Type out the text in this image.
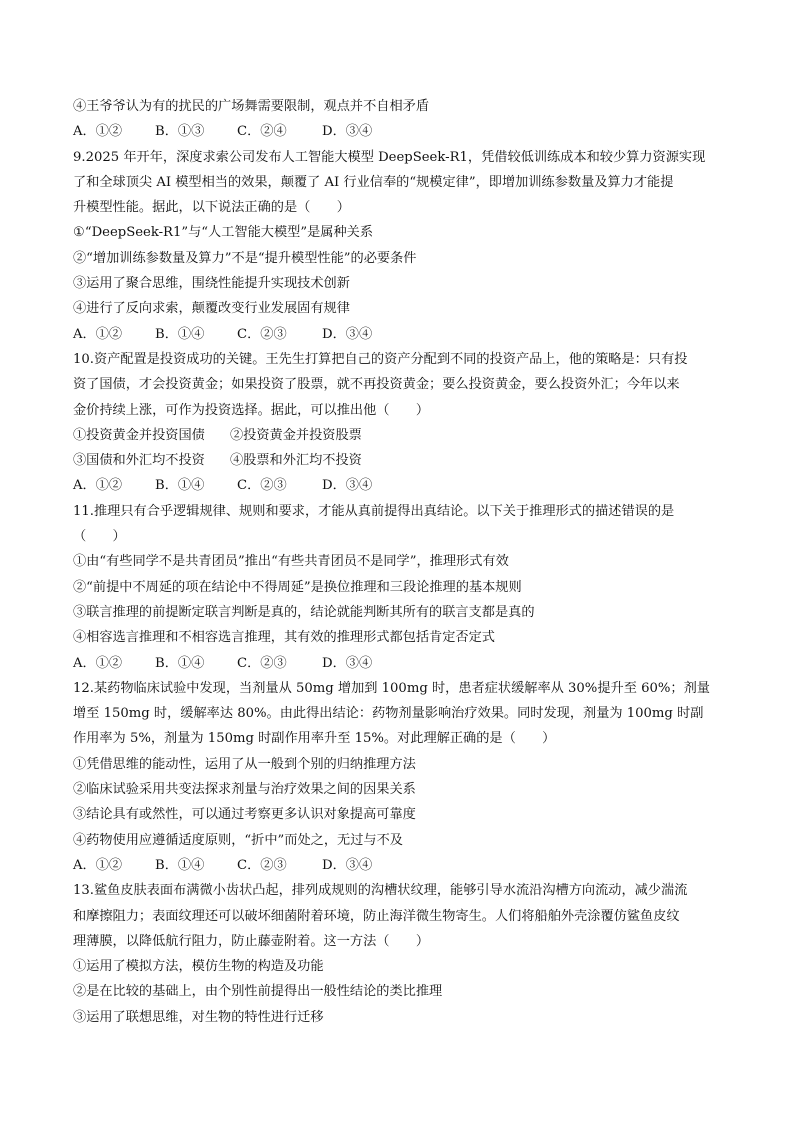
④王爷爷认为有的扰民的广场舞需要限制，观点并不自相矛盾
A．①②	B．①③	C．②④	D．③④
9.2025 年开年，深度求索公司发布人工智能大模型 DeepSeek-R1，凭借较低训练成本和较少算力资源实现
了和全球顶尖 AI 模型相当的效果，颠覆了 AI 行业信奉的“规模定律”，即增加训练参数量及算力才能提
升模型性能。据此，以下说法正确的是（　　）
①“DeepSeek-R1”与“人工智能大模型”是属种关系
②“增加训练参数量及算力”不是“提升模型性能”的必要条件
③运用了聚合思维，围绕性能提升实现技术创新
④进行了反向求索，颠覆改变行业发展固有规律
A．①②	B．①④	C．②③	D．③④
10.资产配置是投资成功的关键。王先生打算把自己的资产分配到不同的投资产品上，他的策略是：只有投
资了国债，才会投资黄金；如果投资了股票，就不再投资黄金；要么投资黄金，要么投资外汇；今年以来
金价持续上涨，可作为投资选择。据此，可以推出他（　　）
①投资黄金并投资国债	②投资黄金并投资股票
③国债和外汇均不投资	④股票和外汇均不投资
A．①②	B．①④	C．②③	D．③④
11.推理只有合乎逻辑规律、规则和要求，才能从真前提得出真结论。以下关于推理形式的描述错误的是
（　　）
①由“有些同学不是共青团员”推出“有些共青团员不是同学”，推理形式有效
②“前提中不周延的项在结论中不得周延”是换位推理和三段论推理的基本规则
③联言推理的前提断定联言判断是真的，结论就能判断其所有的联言支都是真的
④相容选言推理和不相容选言推理，其有效的推理形式都包括肯定否定式
A．①②	B．①④	C．②③	D．③④
12.某药物临床试验中发现，当剂量从 50mg 增加到 100mg 时，患者症状缓解率从 30%提升至 60%；剂量
增至 150mg 时，缓解率达 80%。由此得出结论：药物剂量影响治疗效果。同时发现，剂量为 100mg 时副
作用率为 5%，剂量为 150mg 时副作用率升至 15%。对此理解正确的是（　　）
①凭借思维的能动性，运用了从一般到个别的归纳推理方法
②临床试验采用共变法探求剂量与治疗效果之间的因果关系
③结论具有或然性，可以通过考察更多认识对象提高可靠度
④药物使用应遵循适度原则，“折中”而处之，无过与不及
A．①②	B．①④	C．②③	D．③④
13.鲨鱼皮肤表面布满微小齿状凸起，排列成规则的沟槽状纹理，能够引导水流沿沟槽方向流动，减少湍流
和摩擦阻力；表面纹理还可以破坏细菌附着环境，防止海洋微生物寄生。人们将船舶外壳涂覆仿鲨鱼皮纹
理薄膜，以降低航行阻力，防止藤壶附着。这一方法（　　）
①运用了模拟方法，模仿生物的构造及功能
②是在比较的基础上，由个别性前提得出一般性结论的类比推理
③运用了联想思维，对生物的特性进行迁移
